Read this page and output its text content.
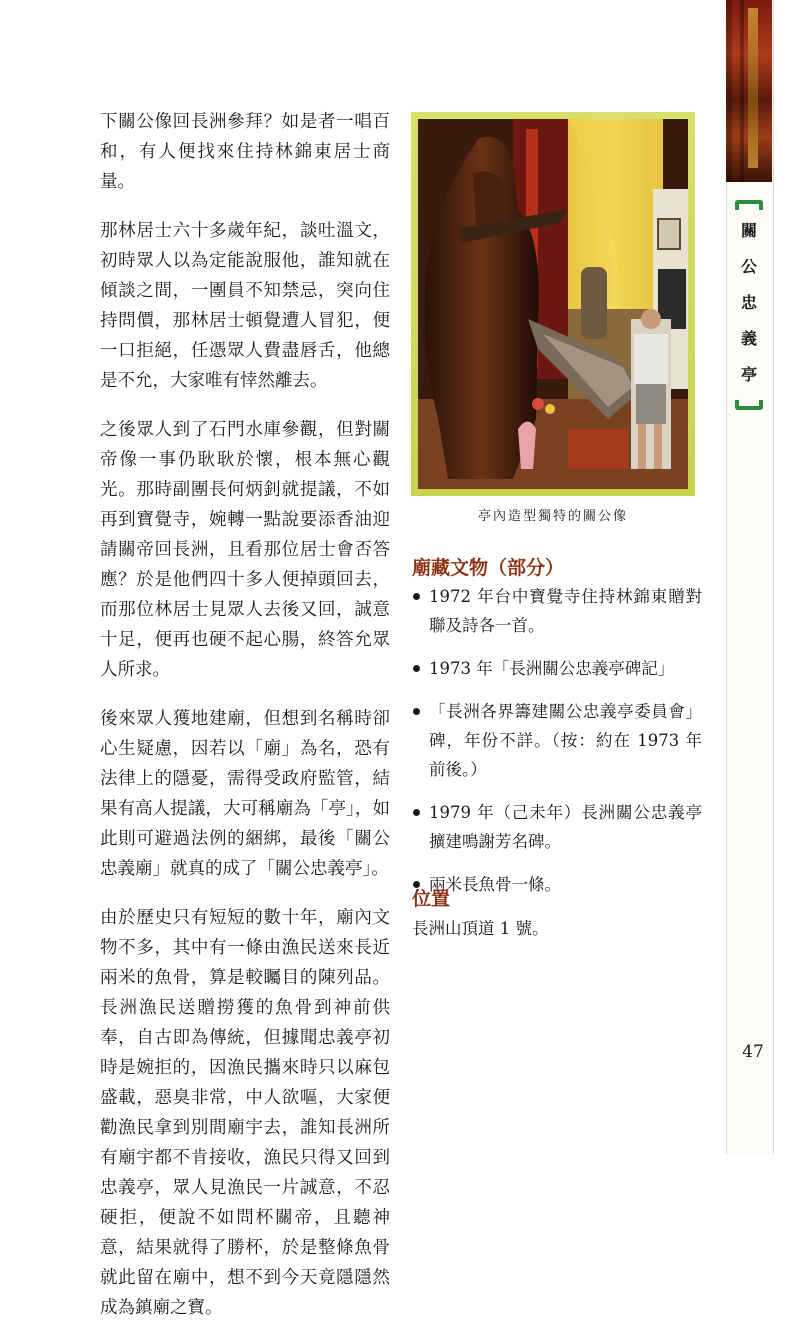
關
公
忠
義
亭

下關公像回長洲參拜？如是者一唱百和，有人便找來住持林錦東居士商量。

那林居士六十多歲年紀，談吐溫文，初時眾人以為定能說服他，誰知就在傾談之間，一團員不知禁忌，突向住持問價，那林居士頓覺遭人冒犯，便一口拒絕，任憑眾人費盡唇舌，他總是不允，大家唯有悻然離去。

之後眾人到了石門水庫參觀，但對關帝像一事仍耿耿於懷，根本無心觀光。那時副團長何炳釗就提議，不如再到寶覺寺，婉轉一點說要添香油迎請關帝回長洲，且看那位居士會否答應？於是他們四十多人便掉頭回去，而那位林居士見眾人去後又回，誠意十足，便再也硬不起心腸，終答允眾人所求。

後來眾人獲地建廟，但想到名稱時卻心生疑慮，因若以「廟」為名，恐有法律上的隱憂，需得受政府監管，結果有高人提議，大可稱廟為「亭」，如此則可避過法例的綑綁，最後「關公忠義廟」就真的成了「關公忠義亭」。

由於歷史只有短短的數十年，廟內文物不多，其中有一條由漁民送來長近兩米的魚骨，算是較矚目的陳列品。長洲漁民送贈撈獲的魚骨到神前供奉，自古即為傳統，但據聞忠義亭初時是婉拒的，因漁民攜來時只以麻包盛載，惡臭非常，中人欲嘔，大家便勸漁民拿到別間廟宇去，誰知長洲所有廟宇都不肯接收，漁民只得又回到忠義亭，眾人見漁民一片誠意，不忍硬拒，便說不如問杯關帝，且聽神意，結果就得了勝杯，於是整條魚骨就此留在廟中，想不到今天竟隱隱然成為鎮廟之寶。

亭內造型獨特的關公像
廟藏文物（部分）
1972 年台中寶覺寺住持林錦東贈對聯及詩各一首。
1973 年「長洲關公忠義亭碑記」
「長洲各界籌建關公忠義亭委員會」碑，年份不詳。（按：約在 1973 年前後。）
1979 年（己未年）長洲關公忠義亭擴建鳴謝芳名碑。
兩米長魚骨一條。
位置
長洲山頂道 1 號。
47
